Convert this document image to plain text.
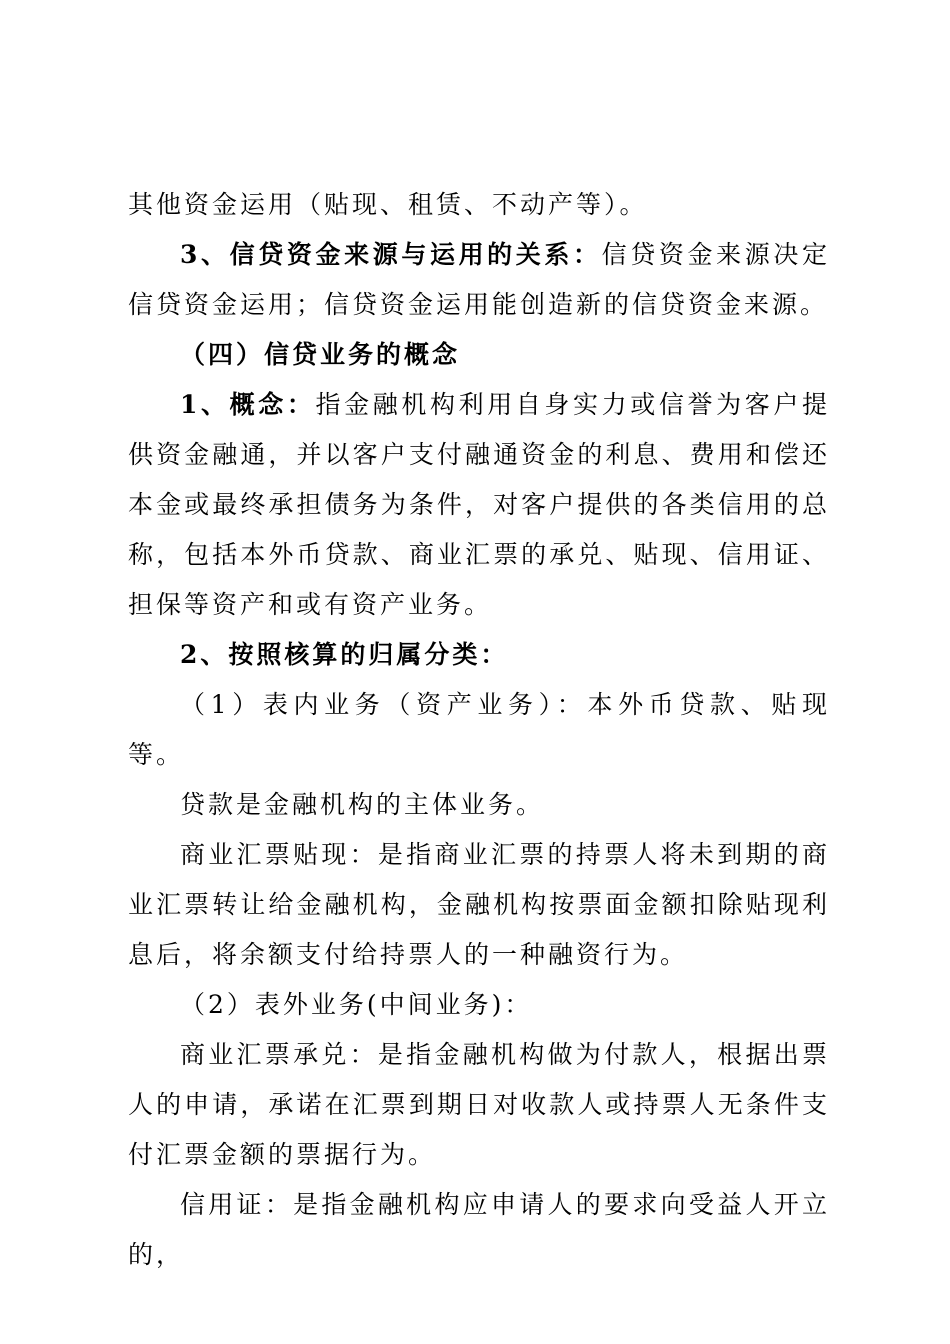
其他资金运用（贴现、租赁、不动产等）。

3、信贷资金来源与运用的关系：信贷资金来源决定信贷资金运用；信贷资金运用能创造新的信贷资金来源。

（四）信贷业务的概念

1、概念：指金融机构利用自身实力或信誉为客户提供资金融通，并以客户支付融通资金的利息、费用和偿还本金或最终承担债务为条件，对客户提供的各类信用的总称，包括本外币贷款、商业汇票的承兑、贴现、信用证、担保等资产和或有资产业务。

2、按照核算的归属分类：

（1）表内业务（资产业务）：本外币贷款、贴现等。

贷款是金融机构的主体业务。

商业汇票贴现：是指商业汇票的持票人将未到期的商业汇票转让给金融机构，金融机构按票面金额扣除贴现利息后，将余额支付给持票人的一种融资行为。

（2）表外业务(中间业务)：

商业汇票承兑：是指金融机构做为付款人，根据出票人的申请，承诺在汇票到期日对收款人或持票人无条件支付汇票金额的票据行为。

信用证：是指金融机构应申请人的要求向受益人开立的，
